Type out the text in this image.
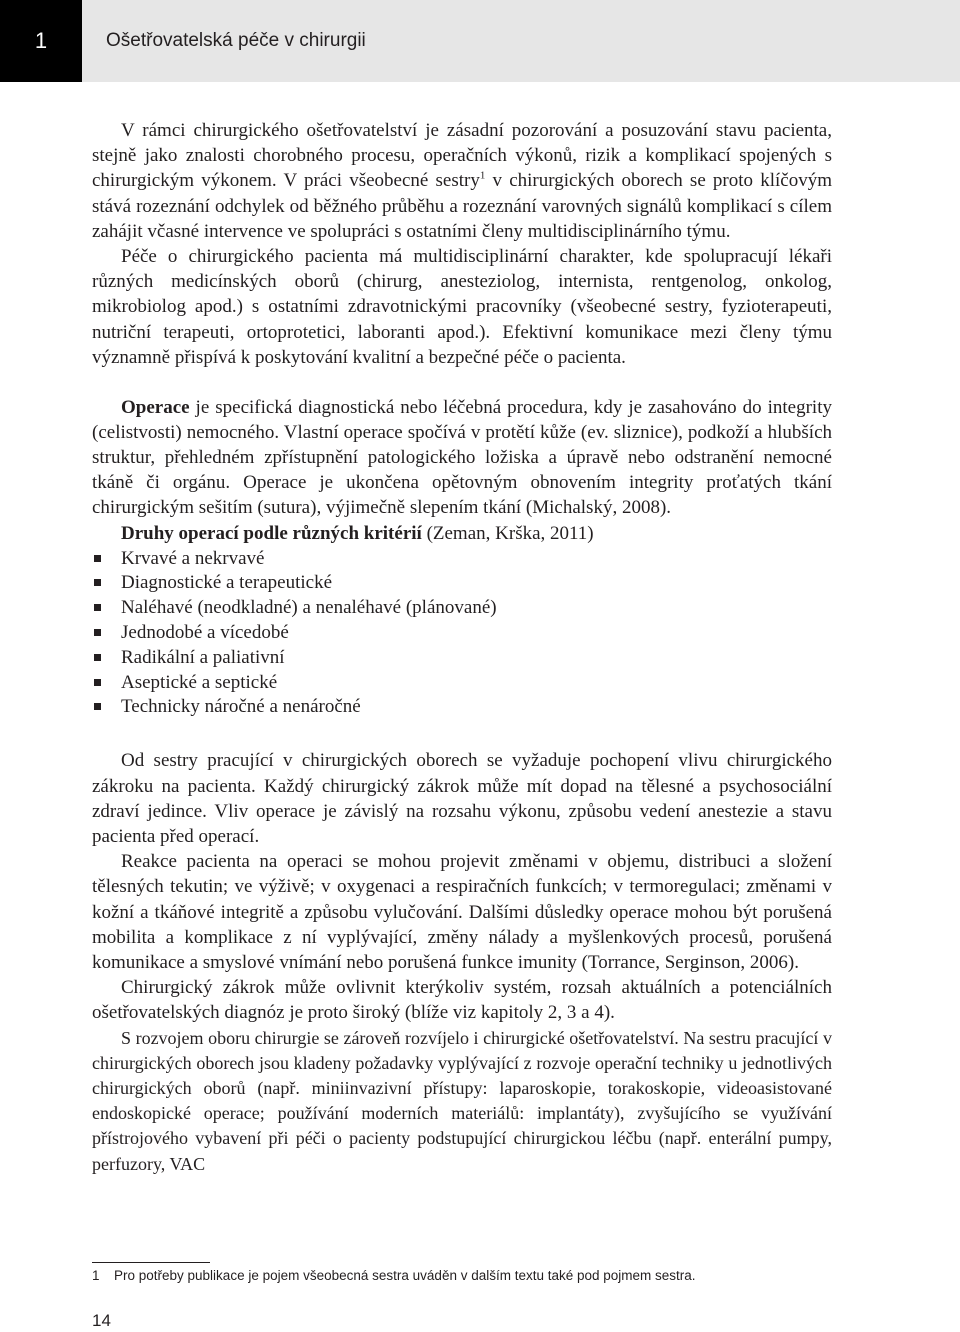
1	Ošetřovatelská péče v chirurgii

V rámci chirurgického ošetřovatelství je zásadní pozorování a posuzování stavu pacienta, stejně jako znalosti chorobného procesu, operačních výkonů, rizik a komplikací spojených s chirurgickým výkonem. V práci všeobecné sestry$^1$ v chirurgických oborech se proto klíčovým stává rozeznání odchylek od běžného průběhu a rozeznání varovných signálů komplikací s cílem zahájit včasné intervence ve spolupráci s ostatními členy multidisciplinárního týmu.

Péče o chirurgického pacienta má multidisciplinární charakter, kde spolupracují lékaři různých medicínských oborů (chirurg, anesteziolog, internista, rentgenolog, onkolog, mikrobiolog apod.) s ostatními zdravotnickými pracovníky (všeobecné sestry, fyzioterapeuti, nutriční terapeuti, ortoprotetici, laboranti apod.). Efektivní komunikace mezi členy týmu významně přispívá k poskytování kvalitní a bezpečné péče o pacienta.

Operace je specifická diagnostická nebo léčebná procedura, kdy je zasahováno do integrity (celistvosti) nemocného. Vlastní operace spočívá v protětí kůže (ev. sliznice), podkoží a hlubších struktur, přehledném zpřístupnění patologického ložiska a úpravě nebo odstranění nemocné tkáně či orgánu. Operace je ukončena opětovným obnovením integrity proťatých tkání chirurgickým sešitím (sutura), výjimečně slepením tkání (Michalský, 2008).

Druhy operací podle různých kritérií (Zeman, Krška, 2011)

Krvavé a nekrvavé
Diagnostické a terapeutické
Naléhavé (neodkladné) a nenaléhavé (plánované)
Jednodobé a vícedobé
Radikální a paliativní
Aseptické a septické
Technicky náročné a nenáročné

Od sestry pracující v chirurgických oborech se vyžaduje pochopení vlivu chirurgického zákroku na pacienta. Každý chirurgický zákrok může mít dopad na tělesné a psychosociální zdraví jedince. Vliv operace je závislý na rozsahu výkonu, způsobu vedení anestezie a stavu pacienta před operací.

Reakce pacienta na operaci se mohou projevit změnami v objemu, distribuci a složení tělesných tekutin; ve výživě; v oxygenaci a respiračních funkcích; v termoregulaci; změnami v kožní a tkáňové integritě a způsobu vylučování. Dalšími důsledky operace mohou být porušená mobilita a komplikace z ní vyplývající, změny nálady a myšlenkových procesů, porušená komunikace a smyslové vnímání nebo porušená funkce imunity (Torrance, Serginson, 2006).

Chirurgický zákrok může ovlivnit kterýkoliv systém, rozsah aktuálních a potenciálních ošetřovatelských diagnóz je proto široký (blíže viz kapitoly 2, 3 a 4).

S rozvojem oboru chirurgie se zároveň rozvíjelo i chirurgické ošetřovatelství. Na sestru pracující v chirurgických oborech jsou kladeny požadavky vyplývající z rozvoje operační techniky u jednotlivých chirurgických oborů (např. miniinvazivní přístupy: laparoskopie, torakoskopie, videoasistované endoskopické operace; používání moderních materiálů: implantáty), zvyšujícího se využívání přístrojového vybavení při péči o pacienty podstupující chirurgickou léčbu (např. enterální pumpy, perfuzory, VAC

1 Pro potřeby publikace je pojem všeobecná sestra uváděn v dalším textu také pod pojmem sestra.
14
